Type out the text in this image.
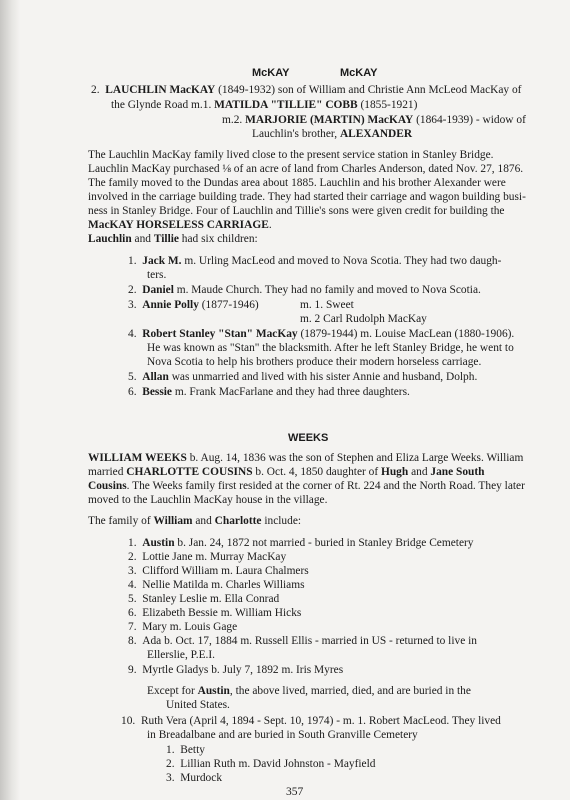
McKAY	McKAY
2. LAUCHLIN MacKAY (1849-1932) son of William and Christie Ann McLeod MacKay of
the Glynde Road m.1. MATILDA "TILLIE" COBB (1855-1921)
m.2. MARJORIE (MARTIN) MacKAY (1864-1939) - widow of
Lauchlin's brother, ALEXANDER
The Lauchlin MacKay family lived close to the present service station in Stanley Bridge.
Lauchlin MacKay purchased ⅛ of an acre of land from Charles Anderson, dated Nov. 27, 1876.
The family moved to the Dundas area about 1885. Lauchlin and his brother Alexander were
involved in the carriage building trade. They had started their carriage and wagon building busi-
ness in Stanley Bridge. Four of Lauchlin and Tillie's sons were given credit for building the
MacKAY HORSELESS CARRIAGE.
Lauchlin and Tillie had six children:
1. Jack M. m. Urling MacLeod and moved to Nova Scotia. They had two daugh-
ters.
2. Daniel m. Maude Church. They had no family and moved to Nova Scotia.
3. Annie Polly (1877-1946)	m. 1. Sweet
m. 2 Carl Rudolph MacKay
4. Robert Stanley "Stan" MacKay (1879-1944) m. Louise MacLean (1880-1906).
He was known as "Stan" the blacksmith. After he left Stanley Bridge, he went to
Nova Scotia to help his brothers produce their modern horseless carriage.
5. Allan was unmarried and lived with his sister Annie and husband, Dolph.
6. Bessie m. Frank MacFarlane and they had three daughters.
WEEKS
WILLIAM WEEKS b. Aug. 14, 1836 was the son of Stephen and Eliza Large Weeks. William
married CHARLOTTE COUSINS b. Oct. 4, 1850 daughter of Hugh and Jane South
Cousins. The Weeks family first resided at the corner of Rt. 224 and the North Road. They later
moved to the Lauchlin MacKay house in the village.
The family of William and Charlotte include:
1. Austin b. Jan. 24, 1872 not married - buried in Stanley Bridge Cemetery
2. Lottie Jane m. Murray MacKay
3. Clifford William m. Laura Chalmers
4. Nellie Matilda m. Charles Williams
5. Stanley Leslie m. Ella Conrad
6. Elizabeth Bessie m. William Hicks
7. Mary m. Louis Gage
8. Ada b. Oct. 17, 1884 m. Russell Ellis - married in US - returned to live in
Ellerslie, P.E.I.
9. Myrtle Gladys b. July 7, 1892 m. Iris Myres
Except for Austin, the above lived, married, died, and are buried in the
United States.
10. Ruth Vera (April 4, 1894 - Sept. 10, 1974) - m. 1. Robert MacLeod. They lived
in Breadalbane and are buried in South Granville Cemetery
1. Betty
2. Lillian Ruth m. David Johnston - Mayfield
3. Murdock
357
